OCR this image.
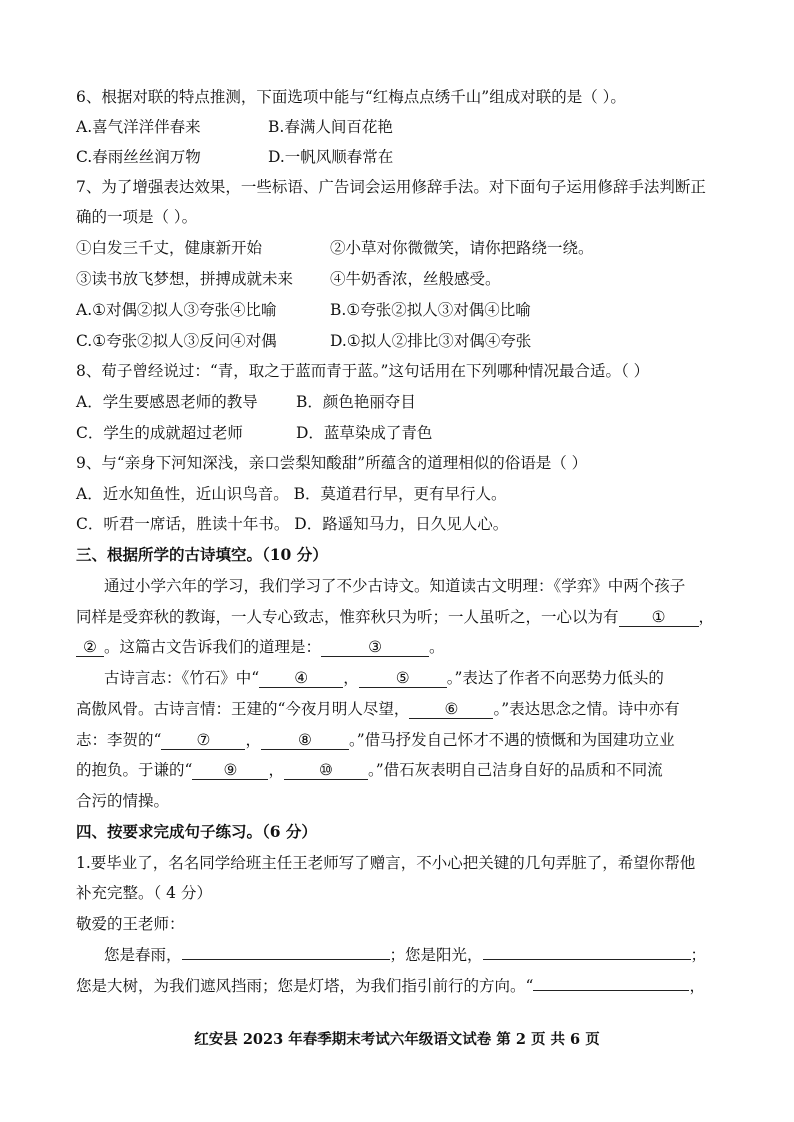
6、根据对联的特点推测，下面选项中能与“红梅点点绣千山”组成对联的是（ ）。
A.喜气洋洋伴春来	B.春满人间百花艳
C.春雨丝丝润万物	D.一帆风顺春常在
7、为了增强表达效果，一些标语、广告词会运用修辞手法。对下面句子运用修辞手法判断正
确的一项是（ ）。
①白发三千丈，健康新开始	②小草对你微微笑，请你把路绕一绕。
③读书放飞梦想，拼搏成就未来 ④牛奶香浓，丝般感受。
A.①对偶②拟人③夸张④比喻	B.①夸张②拟人③对偶④比喻
C.①夸张②拟人③反问④对偶	D.①拟人②排比③对偶④夸张
8、荀子曾经说过：“青，取之于蓝而青于蓝。”这句话用在下列哪种情况最合适。（ ）
A．学生要感恩老师的教导 B．颜色艳丽夺目
C．学生的成就超过老师	D．蓝草染成了青色
9、与“亲身下河知深浅，亲口尝梨知酸甜”所蕴含的道理相似的俗语是（ ）
A．近水知鱼性，近山识鸟音。 B．莫道君行早，更有早行人。
C．听君一席话，胜读十年书。 D．路遥知马力，日久见人心。
三、根据所学的古诗填空。（10 分）
通过小学六年的学习，我们学习了不少古诗文。知道读古文明理：《学弈》中两个孩子
同样是受弈秋的教诲，一人专心致志，惟弈秋只为听；一人虽听之，一心以为有 ① ，
② 。这篇古文告诉我们的道理是：	③	。
古诗言志：《竹石》中“ ④ ， ⑤ 。”表达了作者不向恶势力低头的
高傲风骨。古诗言情：王建的“今夜月明人尽望， ⑥ 。”表达思念之情。诗中亦有
志：李贺的“ ⑦ ， ⑧ 。”借马抒发自己怀才不遇的愤慨和为国建功立业
的抱负。于谦的“ ⑨ ， ⑩ 。”借石灰表明自己洁身自好的品质和不同流
合污的情操。
四、按要求完成句子练习。（6 分）
1.要毕业了，名名同学给班主任王老师写了赠言，不小心把关键的几句弄脏了，希望你帮他
补充完整。（ 4 分）
敬爱的王老师：
您是春雨，	；您是阳光，	；
您是大树，为我们遮风挡雨；您是灯塔，为我们指引前行的方向。“	，
红安县 2023 年春季期末考试六年级语文试卷 第 2 页 共 6 页
